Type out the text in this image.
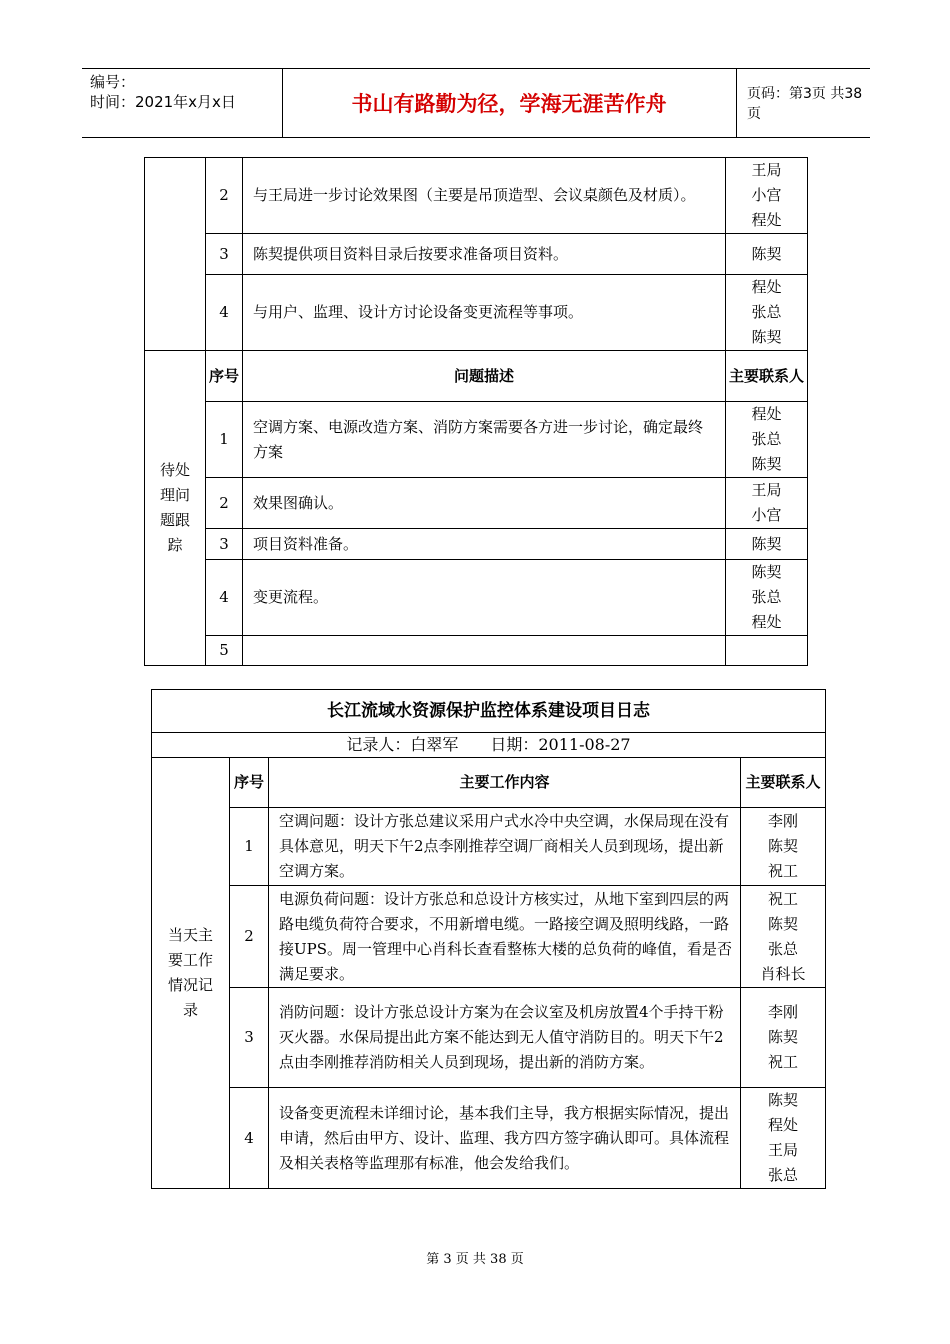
编号：
时间：2021年x月x日	书山有路勤为径，学海无涯苦作舟	页码：第3页 共38页
	2	与王局进一步讨论效果图（主要是吊顶造型、会议桌颜色及材质）。	王局
小宫
程处

	3	陈契提供项目资料目录后按要求准备项目资料。	陈契

	4	与用户、监理、设计方讨论设备变更流程等事项。	程处
张总
陈契

待处理问题跟踪	序号	问题描述	主要联系人
	1	空调方案、电源改造方案、消防方案需要各方进一步讨论，确定最终方案	程处
张总
陈契

	2	效果图确认。	王局
小宫

	3	项目资料准备。	陈契

	4	变更流程。	陈契
张总
程处

	5		
长江流域水资源保护监控体系建设项目日志			
记录人：白翠军　　日期：2011-08-27			
当天主要工作情况记录	序号	主要工作内容	主要联系人
	1	空调问题：设计方张总建议采用户式水冷中央空调，水保局现在没有具体意见，明天下午2点李刚推荐空调厂商相关人员到现场，提出新空调方案。	李刚
陈契
祝工

	2	电源负荷问题：设计方张总和总设计方核实过，从地下室到四层的两路电缆负荷符合要求，不用新增电缆。一路接空调及照明线路，一路接UPS。周一管理中心肖科长查看整栋大楼的总负荷的峰值，看是否满足要求。	祝工
陈契
张总
肖科长

	3	消防问题：设计方张总设计方案为在会议室及机房放置4个手持干粉灭火器。水保局提出此方案不能达到无人值守消防目的。明天下午2点由李刚推荐消防相关人员到现场，提出新的消防方案。	李刚
陈契
祝工

	4	设备变更流程未详细讨论，基本我们主导，我方根据实际情况，提出申请，然后由甲方、设计、监理、我方四方签字确认即可。具体流程及相关表格等监理那有标准，他会发给我们。	陈契
程处
王局
张总
第 3 页 共 38 页
